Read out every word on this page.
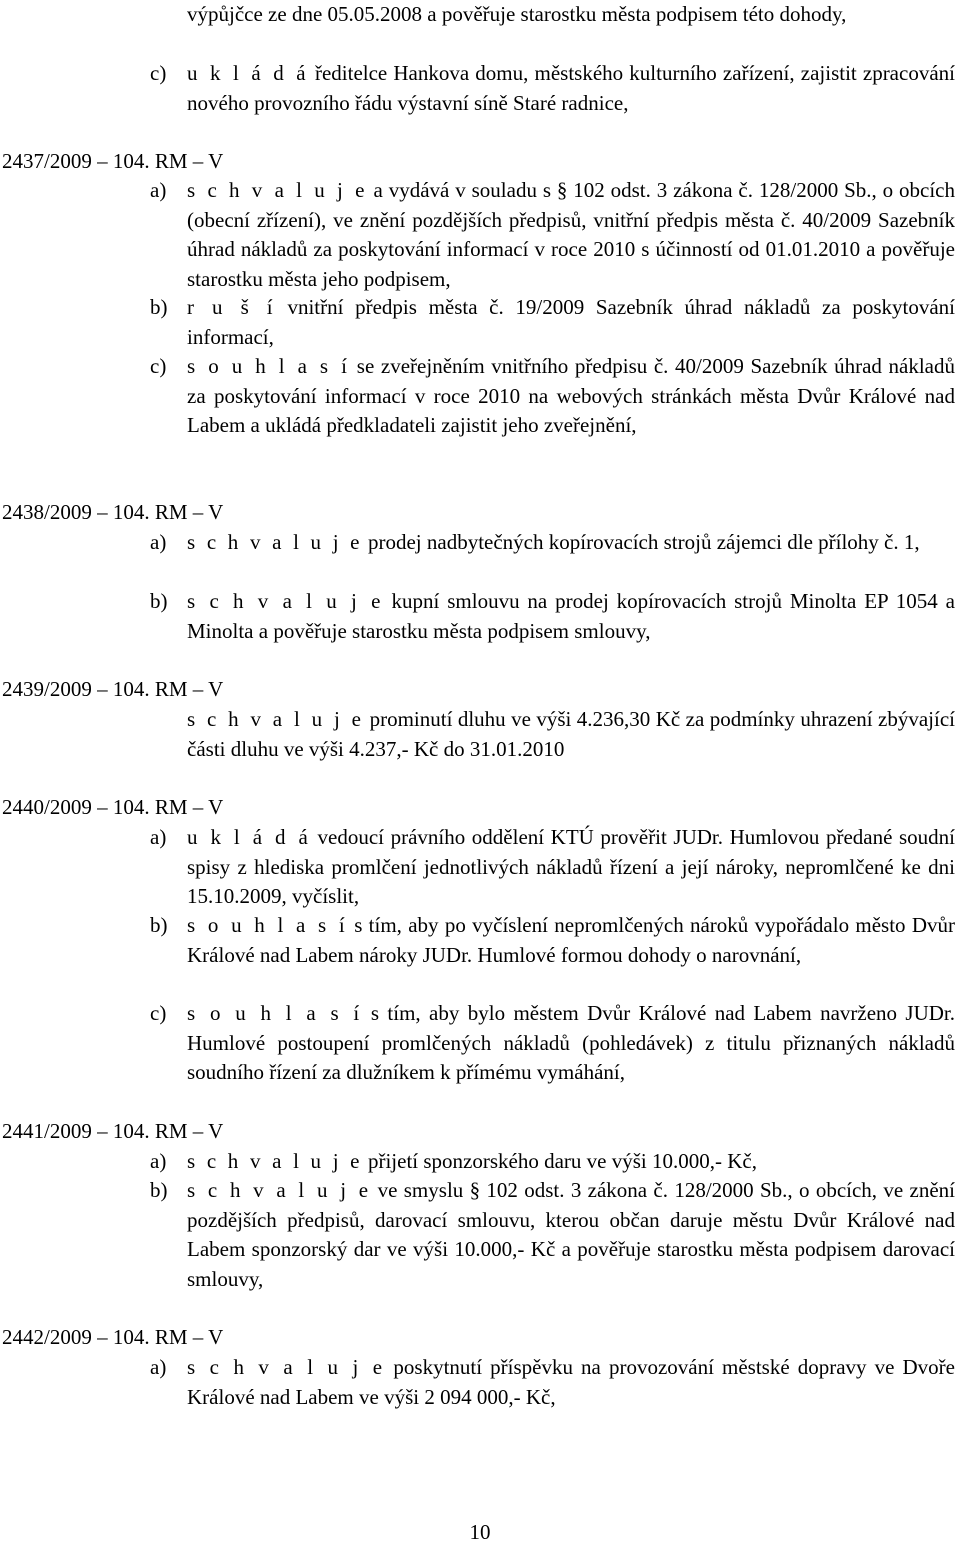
výpůjčce ze dne 05.05.2008 a pověřuje starostku města podpisem této dohody,
c) u k l á d á ředitelce Hankova domu, městského kulturního zařízení, zajistit zpracování nového provozního řádu výstavní síně Staré radnice,
2437/2009 – 104. RM – V
a) s c h v a l u j e a vydává v souladu s § 102 odst. 3 zákona č. 128/2000 Sb., o obcích (obecní zřízení), ve znění pozdějších předpisů, vnitřní předpis města č. 40/2009 Sazebník úhrad nákladů za poskytování informací v roce 2010 s účinností od 01.01.2010 a pověřuje starostku města jeho podpisem,
b) r u š í vnitřní předpis města č. 19/2009 Sazebník úhrad nákladů za poskytování informací,
c) s o u h l a s í se zveřejněním vnitřního předpisu č. 40/2009 Sazebník úhrad nákladů za poskytování informací v roce 2010 na webových stránkách města Dvůr Králové nad Labem a ukládá předkladateli zajistit jeho zveřejnění,
2438/2009 – 104. RM – V
a) s c h v a l u j e prodej nadbytečných kopírovacích strojů zájemci dle přílohy č. 1,
b) s c h v a l u j e kupní smlouvu na prodej kopírovacích strojů Minolta EP 1054 a Minolta a pověřuje starostku města podpisem smlouvy,
2439/2009 – 104. RM – V
s c h v a l u j e prominutí dluhu ve výši 4.236,30 Kč za podmínky uhrazení zbývající části dluhu ve výši 4.237,- Kč do 31.01.2010
2440/2009 – 104. RM – V
a) u k l á d á vedoucí právního oddělení KTÚ prověřit JUDr. Humlovou předané soudní spisy z hlediska promlčení jednotlivých nákladů řízení a její nároky, nepromlčené ke dni 15.10.2009, vyčíslit,
b) s o u h l a s í s tím, aby po vyčíslení nepromlčených nároků vypořádalo město Dvůr Králové nad Labem nároky JUDr. Humlové formou dohody o narovnání,
c) s o u h l a s í s tím, aby bylo městem Dvůr Králové nad Labem navrženo JUDr. Humlové postoupení promlčených nákladů (pohledávek) z titulu přiznaných nákladů soudního řízení za dlužníkem k přímému vymáhání,
2441/2009 – 104. RM – V
a) s c h v a l u j e přijetí sponzorského daru ve výši 10.000,- Kč,
b) s c h v a l u j e ve smyslu § 102 odst. 3 zákona č. 128/2000 Sb., o obcích, ve znění pozdějších předpisů, darovací smlouvu, kterou občan daruje městu Dvůr Králové nad Labem sponzorský dar ve výši 10.000,- Kč a pověřuje starostku města podpisem darovací smlouvy,
2442/2009 – 104. RM – V
a) s c h v a l u j e poskytnutí příspěvku na provozování městské dopravy ve Dvoře Králové nad Labem ve výši 2 094 000,- Kč,
10
